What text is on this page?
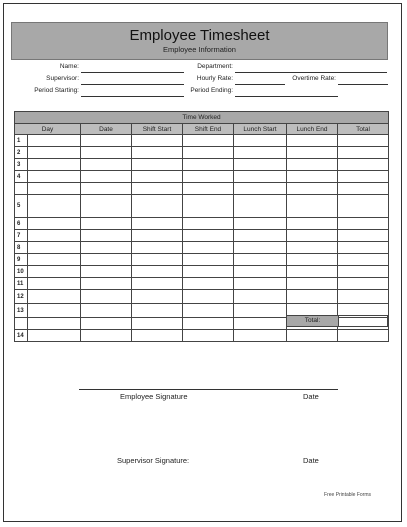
Employee Timesheet
Employee Information
Name:	Department:
Supervisor:	Hourly Rate:	Overtime Rate:
Period Starting:	Period Ending:
Time Worked							
Day		Date	Shift Start	Shift End	Lunch Start	Lunch End	Total
1							
2							
3							
4							

5							
6							
7							
8							
9							
10							
11							
12							
13							

14							
Total:
Employee Signature	Date
Supervisor Signature:	Date
Free Printable Forms
